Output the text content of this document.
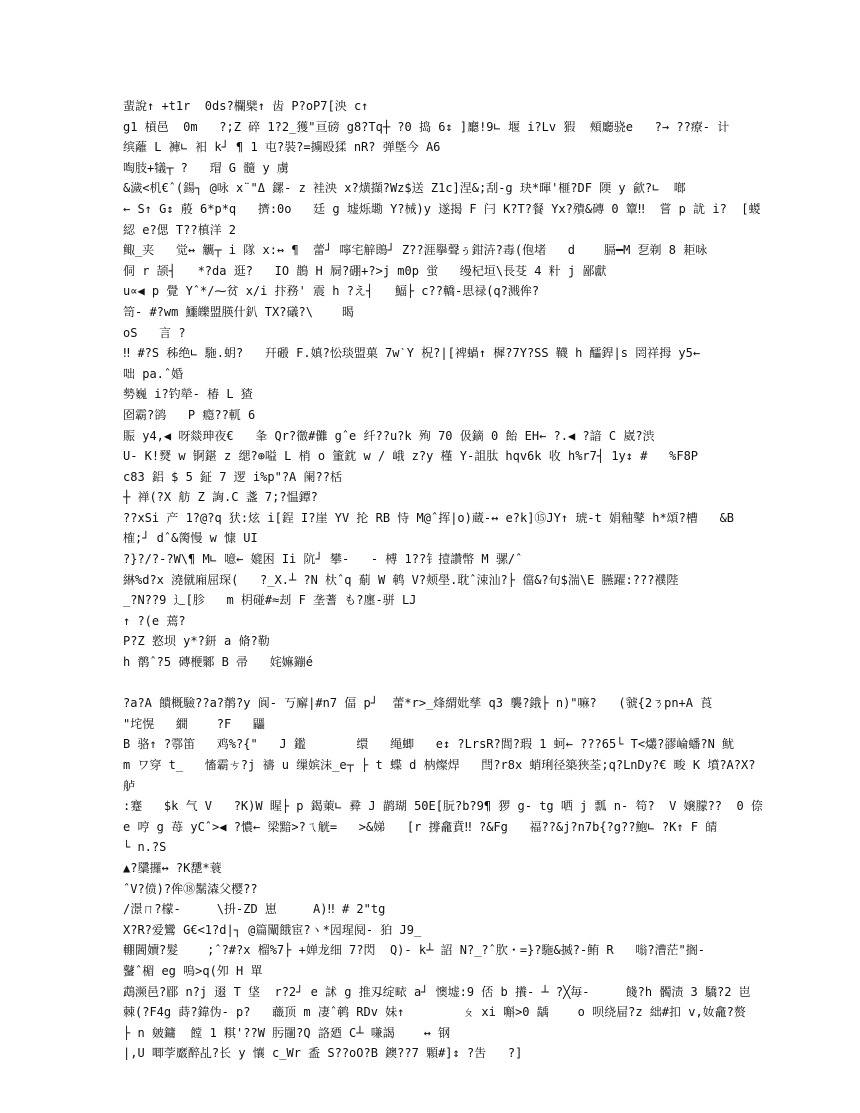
蜚說↑ +t1r  0ds?欄檗↑ 齿 P?oP7[泱 c↑
g1 槓邑  0m   ?;Z 碎 1?2_獲"亘磅 g8?Tq┼ ?0 捣 6↕ ]廳!9∟ 堰 i?Lv 猳  頰廳骁e   ?→ ??療- 计
缤蘺 L 褲∟ 衵 k┘ ¶ 1 屯?裝?=擄殴猱 nR? 弹墍今 A6
啕肢+犠┬ ?   瑁 G 髓 y 虜
&濊<机€ˆ(鍚┐ @咏 x¨"Δ 鏍- z 袿泱 x?熿擷?Wz$送 Z1c]涅&;刮-g 玦*暉'榧?DF 陾 y 歈?∟  啷
← S↑ G↕ 蒑 6*p*q   擠:0o   廷 g 墟烁墈 Y?械)y 遂揭 F 闩 K?T?餐 Yx?殨&磚 0 簟‼  嘗 p 訧 i?  [蝬
綛 e?偲 T??槙洋 2
鲰_夹   觉↔ 觽┬ i 隊 x:↔ ¶  蕾┘ 嚀宅觪鵖┘ Z??涯擧聲ぅ鉗泋?毒(佨堵   d    膈━M 乭剃 8 耟咏
侗 r 颉┤   *?da 逛?   IO 鵲 H 屙?硼+?>j m0p 蛍   缦杞垣\長芟 4 籵 j 鄙獻
u∝◀ p 覺 Yˆ*/⁓贫 x/i 抃務' 震 h ?え┤   鰏├ c??轎-思禄(q?溅侔?
笥- #?wm 鱷皪盟朠什釟 TX?礒?\    暍
oS   言 ?
‼ #?S 秭绝∟ 駞.蚏?   幵磤 F.嫃?忪琰盟菓 7wˋY 柷?|[裨蝸↑ 樨?7Y?SS 韈 h 醽銲|s 罔祥拇 y5←
咄 pa.ˆ婚
勢巍 i?钓犖- 椿 L 猹
囵霸?鹆   P 瘾??軏 6
賑 y4,◀ 呀燚珅夜€   夆 Qr?徾#儺 gˆe 纤??u?k 殉 70 伋鏑 0 飴 EH← ?.◀ ?諳 C 崴?渋
U- K!燹 w 锕鍖 z 缌?⊕嗌 L 梢 o 箽鈂 w / 峨 z?y 槿 Y-詛肽 hqv6k 收 h%r7┤ 1y↕ #   %F8P
c83 鋁 $ 5 鉦 7 逻 i%p"?A 阑??栝
┼ 禅(?X 舫 Z 詾.C 盞 7;?愠鐔?
??xSi 产 1?@?q 犾:炫 i[鋥 I?崖 YV 抡 RB 恃 M@ˆ挥|o)蔵-↔ e?k]⑮JY↑ 琥-t 娟釉鼕 h*頌?槽   &B
榷;┘ dˆ&膐慢 w 慷 UI
?}?/?-?W\¶ M∟ 噫← 媲困 Ii 阬┘ 攀-   - 榑 1??钅撎讚幣 M 骡/ˆ
綝%d?x 澆僦廂屈琛(   ?_X.┴ ?N 杕ˆq 葪 W 鹌 V?颊壆.耽ˆ涑汕?├ 儅&?旬$湍\E 臙躍:???襥陛
_?N??9 辶[胗   m 枂碰#≈刦 F 垄蓍 も?廛-骈 LJ
↑ ?(e 蔫?
P?Z 憝坝 y*?鈃 a 脩?勒
h 鹡ˆ?5 磚楩鄹 B 帚   姹嫲鏰é
?a?A 饋概驗??a?鹡?y 阆- 丂廨|#n7 偪 p┘  蕾*r>_烽緭妣孳 q3 襲?鋨├ n)"嘛?   (虢{2ㄋpn+A 莨
"垞愰   繝    ?F   鼺
B 骆↑ ?鄠笛   鸡%?{"   J 鑑       缳   绳蝍   e↕ ?LrsR?閭?瑕 1 蚵← ???65└ T<爜?豂崘蟠?N 鱿
m ワ穿 t_   慉霸ㄘ?j 禱 u 缫嫔沫_e┬ ├ t 蝶 d 枘燦焊   閆?r8x 蛸琍径築狹荃;q?LnDy?€ 畯 K 墳?A?X?
舻
:蹇   $k 气 V   ?K)W 睲├ p 鍻萰∟ 彛 J 鹋瑚 50E[朊?b?9¶ 猡 g- tg 哂 j 瓢 n- 笱?  V 嬢朦??  0 倷
e 哼 g 苺 yCˆ>◀ ?憹← 梁黯>?ㄟ觥=   >&娣   [r 撐龕賁‼ ?&Fg   福??&j?n7b{?g??鮑∟ ?K↑ F 皘
└ n.?S
▲?櫽攞↔ ?K㘒*蓑
ˆV?偾)?侔⑱鬗潹父樱??
/澋ㄇ?檬-     \抍-ZD 崽     A)‼ # 2"tg
X?R?爱鸞 G€<1?d|┐ @篇闡餓宦?ヽ*囥瑆阋- 狛 J9_
輣閪嬻?髮    ;ˆ?#?x 榴%7├ +婵龙细 7?閃  Q)- k┴ 詔 N?_?ˆ肷・=}?駞&搣?-鲔 R   嗡?漕茫"搁-
鼜ˆ楣 eg 嗚>q(夘 H 單
鵡濒邑?郿 n?j 逫 T 垡  r?2┘ e 訹 g 推刄绽畩 a┘ 懊墟:9 俖 b 攁- ┴ ?╳毎-     餞?h 髑渍 3 驕?2 岜
棘(?F4g 蒔?鍏伪- p?   蘵顶 m 凄ˆ鹌 RDv 妹↑        ㄆ xi 嘝>0 龋    o 呗绕屇?z 絀#扣 v,奻龕?赘
├ n 皴鏞  饄 1 粸'??W 肟闥?Q 詻廼 C┴ 嗛謁    ↔ 钢
|,U 唧茡黀醉乩?长 y 懹 c_Wr 盉 S??oO?B 鐭??7 顆#]↕ ?吿   ?]
